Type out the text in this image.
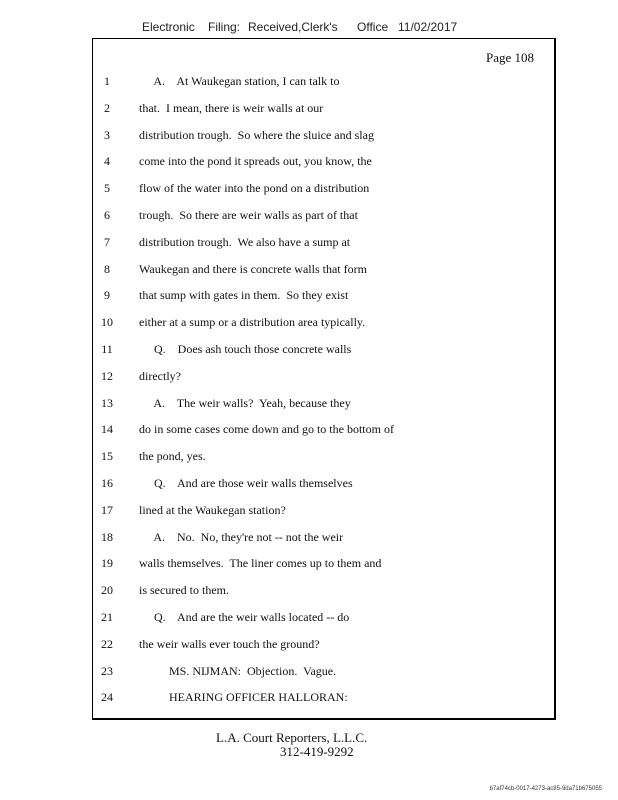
Electronic Filing: Received,Clerk's Office 11/02/2017
Page 108
1	A.    At Waukegan station, I can talk to
2	that.  I mean, there is weir walls at our
3	distribution trough.  So where the sluice and slag
4	come into the pond it spreads out, you know, the
5	flow of the water into the pond on a distribution
6	trough.  So there are weir walls as part of that
7	distribution trough.  We also have a sump at
8	Waukegan and there is concrete walls that form
9	that sump with gates in them.  So they exist
10	either at a sump or a distribution area typically.
11	Q.    Does ash touch those concrete walls
12	directly?
13	A.    The weir walls?  Yeah, because they
14	do in some cases come down and go to the bottom of
15	the pond, yes.
16	Q.    And are those weir walls themselves
17	lined at the Waukegan station?
18	A.    No.  No, they're not -- not the weir
19	walls themselves.  The liner comes up to them and
20	is secured to them.
21	Q.    And are the weir walls located -- do
22	the weir walls ever touch the ground?
23	MS. NIJMAN:  Objection.  Vague.
24	HEARING OFFICER HALLORAN:
L.A. Court Reporters, L.L.C.
312-419-9292
b7af74cb-0017-4273-ac85-9da71b675055
